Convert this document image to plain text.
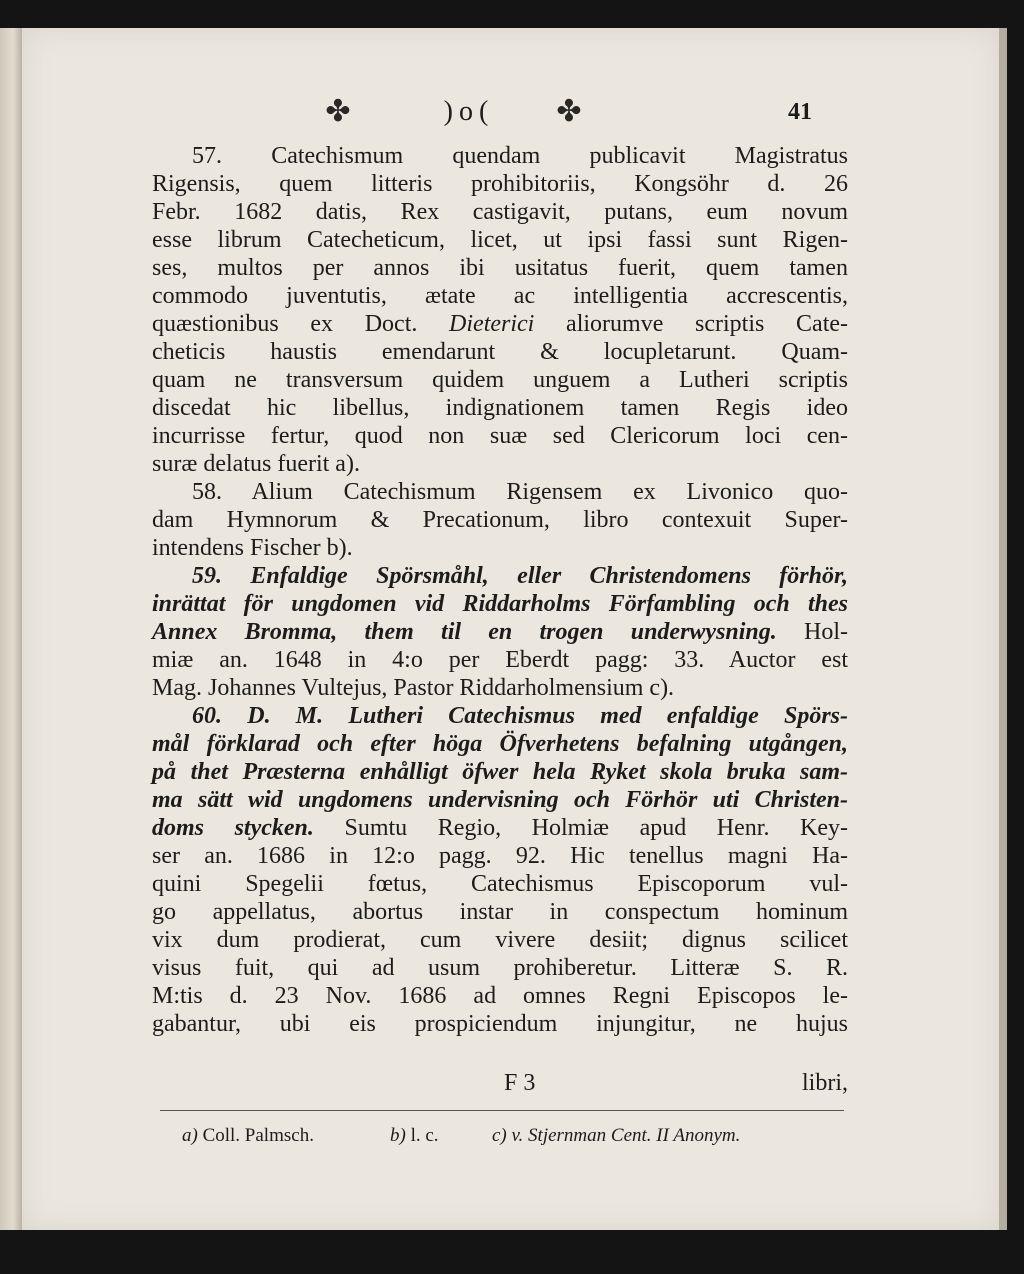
✤	)o(	✤	41
57. Catechismum quendam publicavit Magistratus
Rigensis, quem litteris prohibitoriis, Kongsöhr d. 26
Febr. 1682 datis, Rex castigavit, putans, eum novum
esse librum Catecheticum, licet, ut ipsi fassi sunt Rigen-
ses, multos per annos ibi usitatus fuerit, quem tamen
commodo juventutis, ætate ac intelligentia accrescentis,
quæstionibus ex Doct. Dieterici aliorumve scriptis Cate-
cheticis haustis emendarunt & locupletarunt. Quam-
quam ne transversum quidem unguem a Lutheri scriptis
discedat hic libellus, indignationem tamen Regis ideo
incurrisse fertur, quod non suæ sed Clericorum loci cen-
suræ delatus fuerit a).
58. Alium Catechismum Rigensem ex Livonico quo-
dam Hymnorum & Precationum, libro contexuit Super-
intendens Fischer b).
59. Enfaldige Spörsmåhl, eller Christendomens förhör,
inrättat för ungdomen vid Riddarholms Förfambling och thes
Annex Bromma, them til en trogen underwysning. Hol-
miæ an. 1648 in 4:o per Eberdt pagg: 33. Auctor est
Mag. Johannes Vultejus, Pastor Riddarholmensium c).
60. D. M. Lutheri Catechismus med enfaldige Spörs-
mål förklarad och efter höga Öfverhetens befalning utgången,
på thet Præsterna enhålligt öfwer hela Ryket skola bruka sam-
ma sätt wid ungdomens undervisning och Förhör uti Christen-
doms stycken. Sumtu Regio, Holmiæ apud Henr. Key-
ser an. 1686 in 12:o pagg. 92. Hic tenellus magni Ha-
quini Spegelii fœtus, Catechismus Episcoporum vul-
go appellatus, abortus instar in conspectum hominum
vix dum prodierat, cum vivere desiit; dignus scilicet
visus fuit, qui ad usum prohiberetur. Litteræ S. R.
M:tis d. 23 Nov. 1686 ad omnes Regni Episcopos le-
gabantur, ubi eis prospiciendum injungitur, ne hujus
F 3	libri,
a) Coll. Palmsch.	b) l. c.	c) v. Stjernman Cent. II Anonym.
